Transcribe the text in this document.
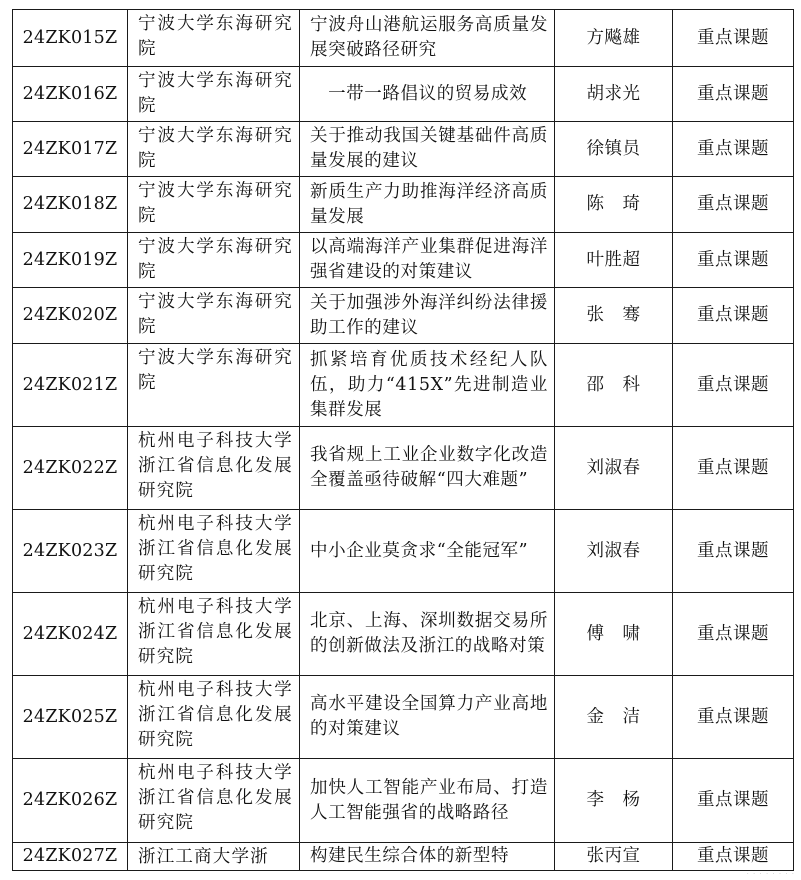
24ZK015Z	宁波大学东海研究院	宁波舟山港航运服务高质量发展突破路径研究	方飚雄	重点课题

24ZK016Z	宁波大学东海研究院	　一带一路倡议的贸易成效	胡求光	重点课题

24ZK017Z	宁波大学东海研究院	关于推动我国关键基础件高质量发展的建议	徐镇员	重点课题

24ZK018Z	宁波大学东海研究院	新质生产力助推海洋经济高质量发展	陈　琦	重点课题

24ZK019Z	宁波大学东海研究院	以高端海洋产业集群促进海洋强省建设的对策建议	叶胜超	重点课题

24ZK020Z	宁波大学东海研究院	关于加强涉外海洋纠纷法律援助工作的建议	张　骞	重点课题

24ZK021Z	宁波大学东海研究院	抓紧培育优质技术经纪人队伍，助力“415X”先进制造业集群发展	邵　科	重点课题

24ZK022Z	杭州电子科技大学浙江省信息化发展研究院	我省规上工业企业数字化改造全覆盖亟待破解“四大难题”	刘淑春	重点课题

24ZK023Z	杭州电子科技大学浙江省信息化发展研究院	中小企业莫贪求“全能冠军”	刘淑春	重点课题

24ZK024Z	杭州电子科技大学浙江省信息化发展研究院	北京、上海、深圳数据交易所的创新做法及浙江的战略对策	傅　啸	重点课题

24ZK025Z	杭州电子科技大学浙江省信息化发展研究院	高水平建设全国算力产业高地的对策建议	金　洁	重点课题

24ZK026Z	杭州电子科技大学浙江省信息化发展研究院	加快人工智能产业布局、打造人工智能强省的战略路径	李　杨	重点课题

24ZK027Z	浙江工商大学浙	构建民生综合体的新型特	张丙宣	重点课题
· · · · · · · ·
